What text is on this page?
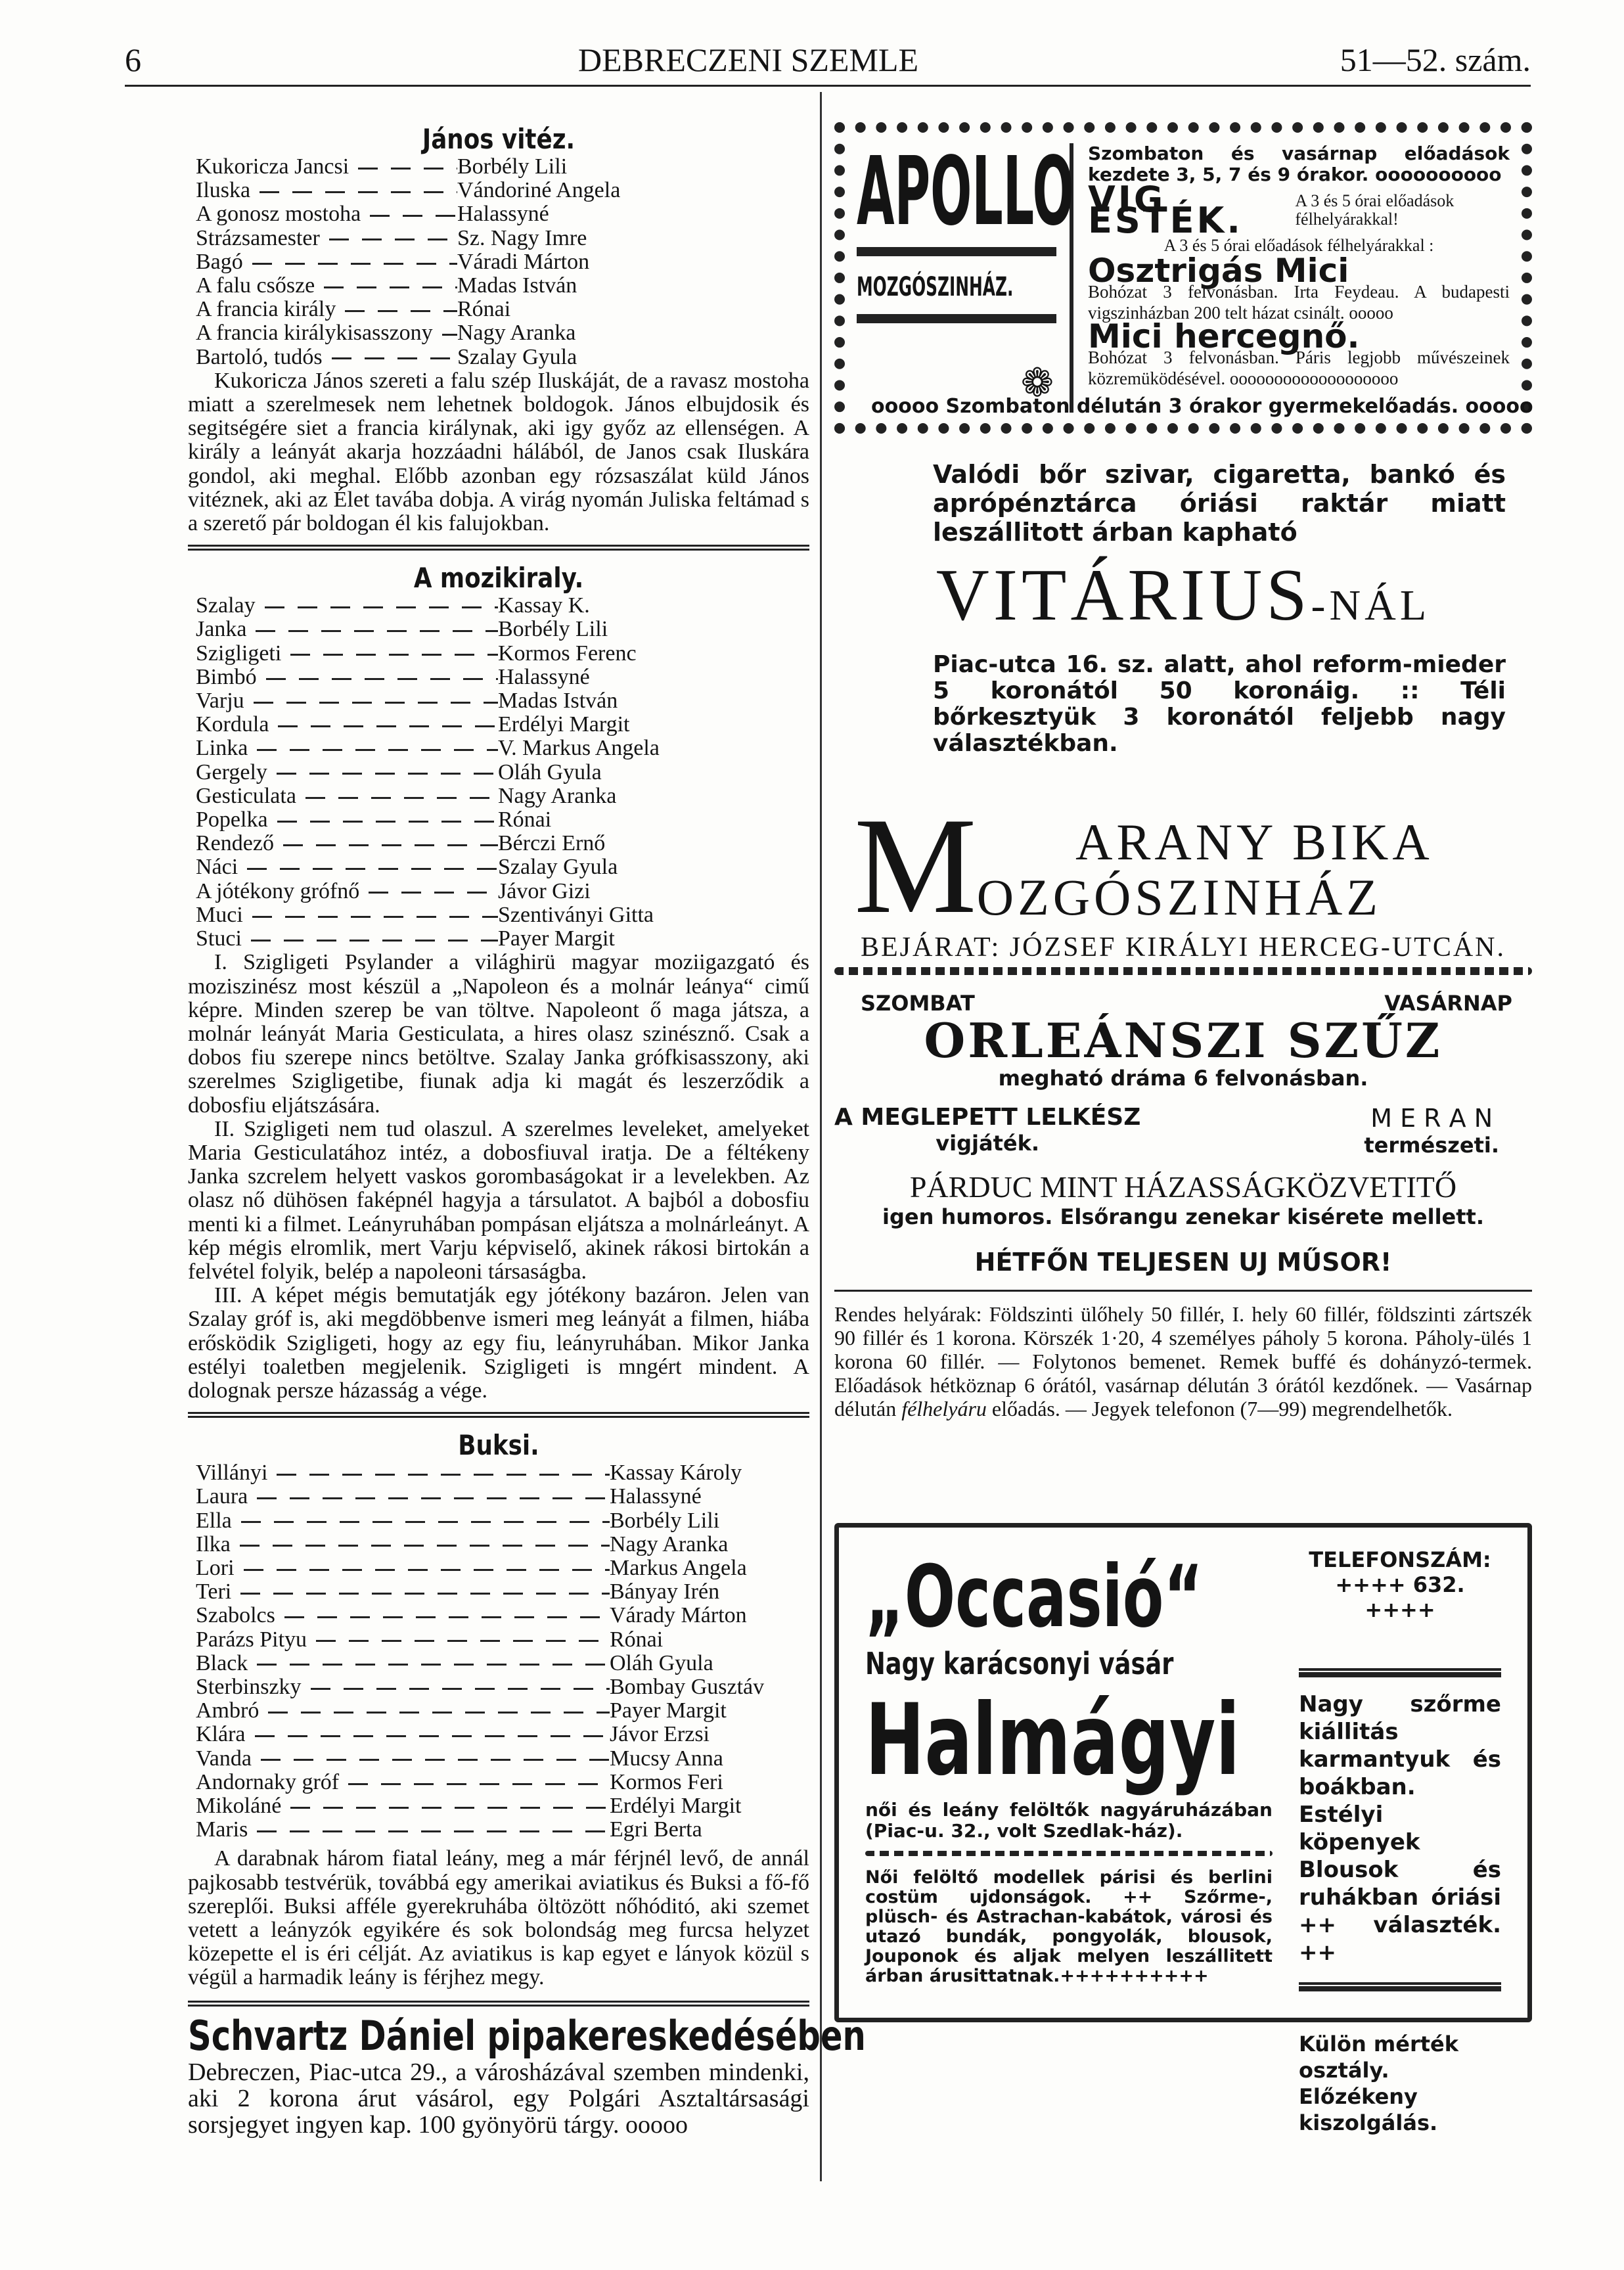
6	DEBRECZENI SZEMLE	51—52. szám.
János vitéz.
Kukoricza Jancsi	Borbély Lili
Iluska	Vándoriné Angela
A gonosz mostoha	Halassyné
Strázsamester	Sz. Nagy Imre
Bagó	Váradi Márton
A falu csősze	Madas István
A francia király	Rónai
A francia királykisasszony	Nagy Aranka
Bartoló, tudós	Szalay Gyula

Kukoricza János szereti a falu szép Iluskáját, de a ravasz mostoha miatt a szerelmesek nem lehetnek boldogok. János elbujdosik és segitségére siet a francia királynak, aki igy győz az ellenségen. A király a leányát akarja hozzáadni hálából, de Janos csak Iluskára gondol, aki meghal. Előbb azonban egy rózsaszálat küld János vitéznek, aki az Élet tavába dobja. A virág nyomán Juliska feltámad s a szerető pár boldogan él kis falujokban.

A mozikiraly.
Szalay	Kassay K.
Janka	Borbély Lili
Szigligeti	Kormos Ferenc
Bimbó	Halassyné
Varju	Madas István
Kordula	Erdélyi Margit
Linka	V. Markus Angela
Gergely	Oláh Gyula
Gesticulata	Nagy Aranka
Popelka	Rónai
Rendező	Bérczi Ernő
Náci	Szalay Gyula
A jótékony grófnő	Jávor Gizi
Muci	Szentiványi Gitta
Stuci	Payer Margit

I. Szigligeti Psylander a világhirü magyar moziigazgató és moziszinész most készül a „Napoleon és a molnár leánya“ cimű képre. Minden szerep be van töltve. Napoleont ő maga játsza, a molnár leányát Maria Gesticulata, a hires olasz szinésznő. Csak a dobos fiu szerepe nincs betöltve. Szalay Janka grófkisasszony, aki szerelmes Szigligetibe, fiunak adja ki magát és leszerződik a dobosfiu eljátszására.

II. Szigligeti nem tud olaszul. A szerelmes leveleket, amelyeket Maria Gesticulatához intéz, a dobosfiuval iratja. De a féltékeny Janka szcrelem helyett vaskos gorombaságokat ir a levelekben. Az olasz nő dühösen faképnél hagyja a társulatot. A bajból a dobosfiu menti ki a filmet. Leányruhában pompásan eljátsza a molnárleányt. A kép mégis elromlik, mert Varju képviselő, akinek rákosi birtokán a felvétel folyik, belép a napoleoni társaságba.

III. A képet mégis bemutatják egy jótékony bazáron. Jelen van Szalay gróf is, aki megdöbbenve ismeri meg leányát a filmen, hiába erősködik Szigligeti, hogy az egy fiu, leányruhában. Mikor Janka estélyi toaletben megjelenik. Szigligeti is mngért mindent. A dolognak persze házasság a vége.

Buksi.
Villányi	Kassay Károly
Laura	Halassyné
Ella	Borbély Lili
Ilka	Nagy Aranka
Lori	Markus Angela
Teri	Bányay Irén
Szabolcs	Várady Márton
Parázs Pityu	Rónai
Black	Oláh Gyula
Sterbinszky	Bombay Gusztáv
Ambró	Payer Margit
Klára	Jávor Erzsi
Vanda	Mucsy Anna
Andornaky gróf	Kormos Feri
Mikoláné	Erdélyi Margit
Maris	Egri Berta

A darabnak három fiatal leány, meg a már férjnél levő, de annál pajkosabb testvérük, továbbá egy amerikai aviatikus és Buksi a fő-fő szereplői. Buksi afféle gyerekruhába öltözött nőhóditó, aki szemet vetett a leányzók egyikére és sok bolondság meg furcsa helyzet közepette el is éri célját. Az aviatikus is kap egyet e lányok közül s végül a harmadik leány is férjhez megy.

Schvartz Dániel pipakereskedésében

Debreczen, Piac-utca 29., a városházával szemben mindenki, aki 2 korona árut vásárol, egy Polgári Asztaltársasági sorsjegyet ingyen kap. 100 gyönyörü tárgy. ooooo

APOLLO
MOZGÓSZINHÁZ.
❁

Szombaton és vasárnap előadások kezdete 3, 5, 7 és 9 órakor. oooooooooo

VIG ESTÉK.	A 3 és 5 órai előadások félhelyárakkal!

A 3 és 5 órai előadások félhelyárakkal :

Osztrigás Mici

Bohózat 3 felvonásban. Irta Feydeau. A budapesti vigszinházban 200 telt házat csinált. ooooo

Mici hercegnő.

Bohózat 3 felvonásban. Páris legjobb művészeinek közremüködésével. ooooooooooooooooooo

ooooo Szombaton délután 3 órakor gyermekelőadás. ooooo

Valódi bőr szivar, cigaretta, bankó és aprópénztárca óriási raktár miatt leszállitott árban kapható

VITÁRIUS-NÁL

Piac-utca 16. sz. alatt, ahol reform-mieder 5 koronától 50 koronáig. :: Téli bőrkesztyük 3 koronától feljebb nagy választékban.

M	ARANY BIKA
OZGÓSZINHÁZ
BEJÁRAT: JÓZSEF KIRÁLYI HERCEG-UTCÁN.
SZOMBAT	VASÁRNAP
ORLEÁNSZI SZŰZ
megható dráma 6 felvonásban.
A MEGLEPETT LELKÉSZ
vigjáték.
M E R A N
természeti.
PÁRDUC MINT HÁZASSÁGKÖZVETITŐ
igen humoros. Elsőrangu zenekar kisérete mellett.
HÉTFŐN TELJESEN UJ MŰSOR!

Rendes helyárak: Földszinti ülőhely 50 fillér, I. hely 60 fillér, földszinti zártszék 90 fillér és 1 korona. Körszék 1·20, 4 személyes páholy 5 korona. Páholy-ülés 1 korona 60 fillér. — Folytonos bemenet. Remek buffé és dohányzó-termek. Előadások hétköznap 6 órától, vasárnap délután 3 órától kezdőnek. — Vasárnap délután félhelyáru előadás. — Jegyek telefonon (7—99) megrendelhetők.

„Occasió“
Nagy karácsonyi vásár
Halmágyi

női és leány felöltők nagyáruházában (Piac-u. 32., volt Szedlak-ház).

Női felöltő modellek párisi és berlini costüm ujdonságok. ++ Szőrme-, plüsch- és Astrachan-kabátok, városi és utazó bundák, pongyolák, blousok, Jouponok és aljak melyen leszállitett árban árusittatnak.++++++++++

TELEFONSZÁM:
++++ 632. ++++

Nagy szőrme kiállitás karmantyuk és boákban. Estélyi köpenyek Blousok és ruhákban óriási ++ választék. ++

Külön mérték osztály. Előzékeny kiszolgálás.
